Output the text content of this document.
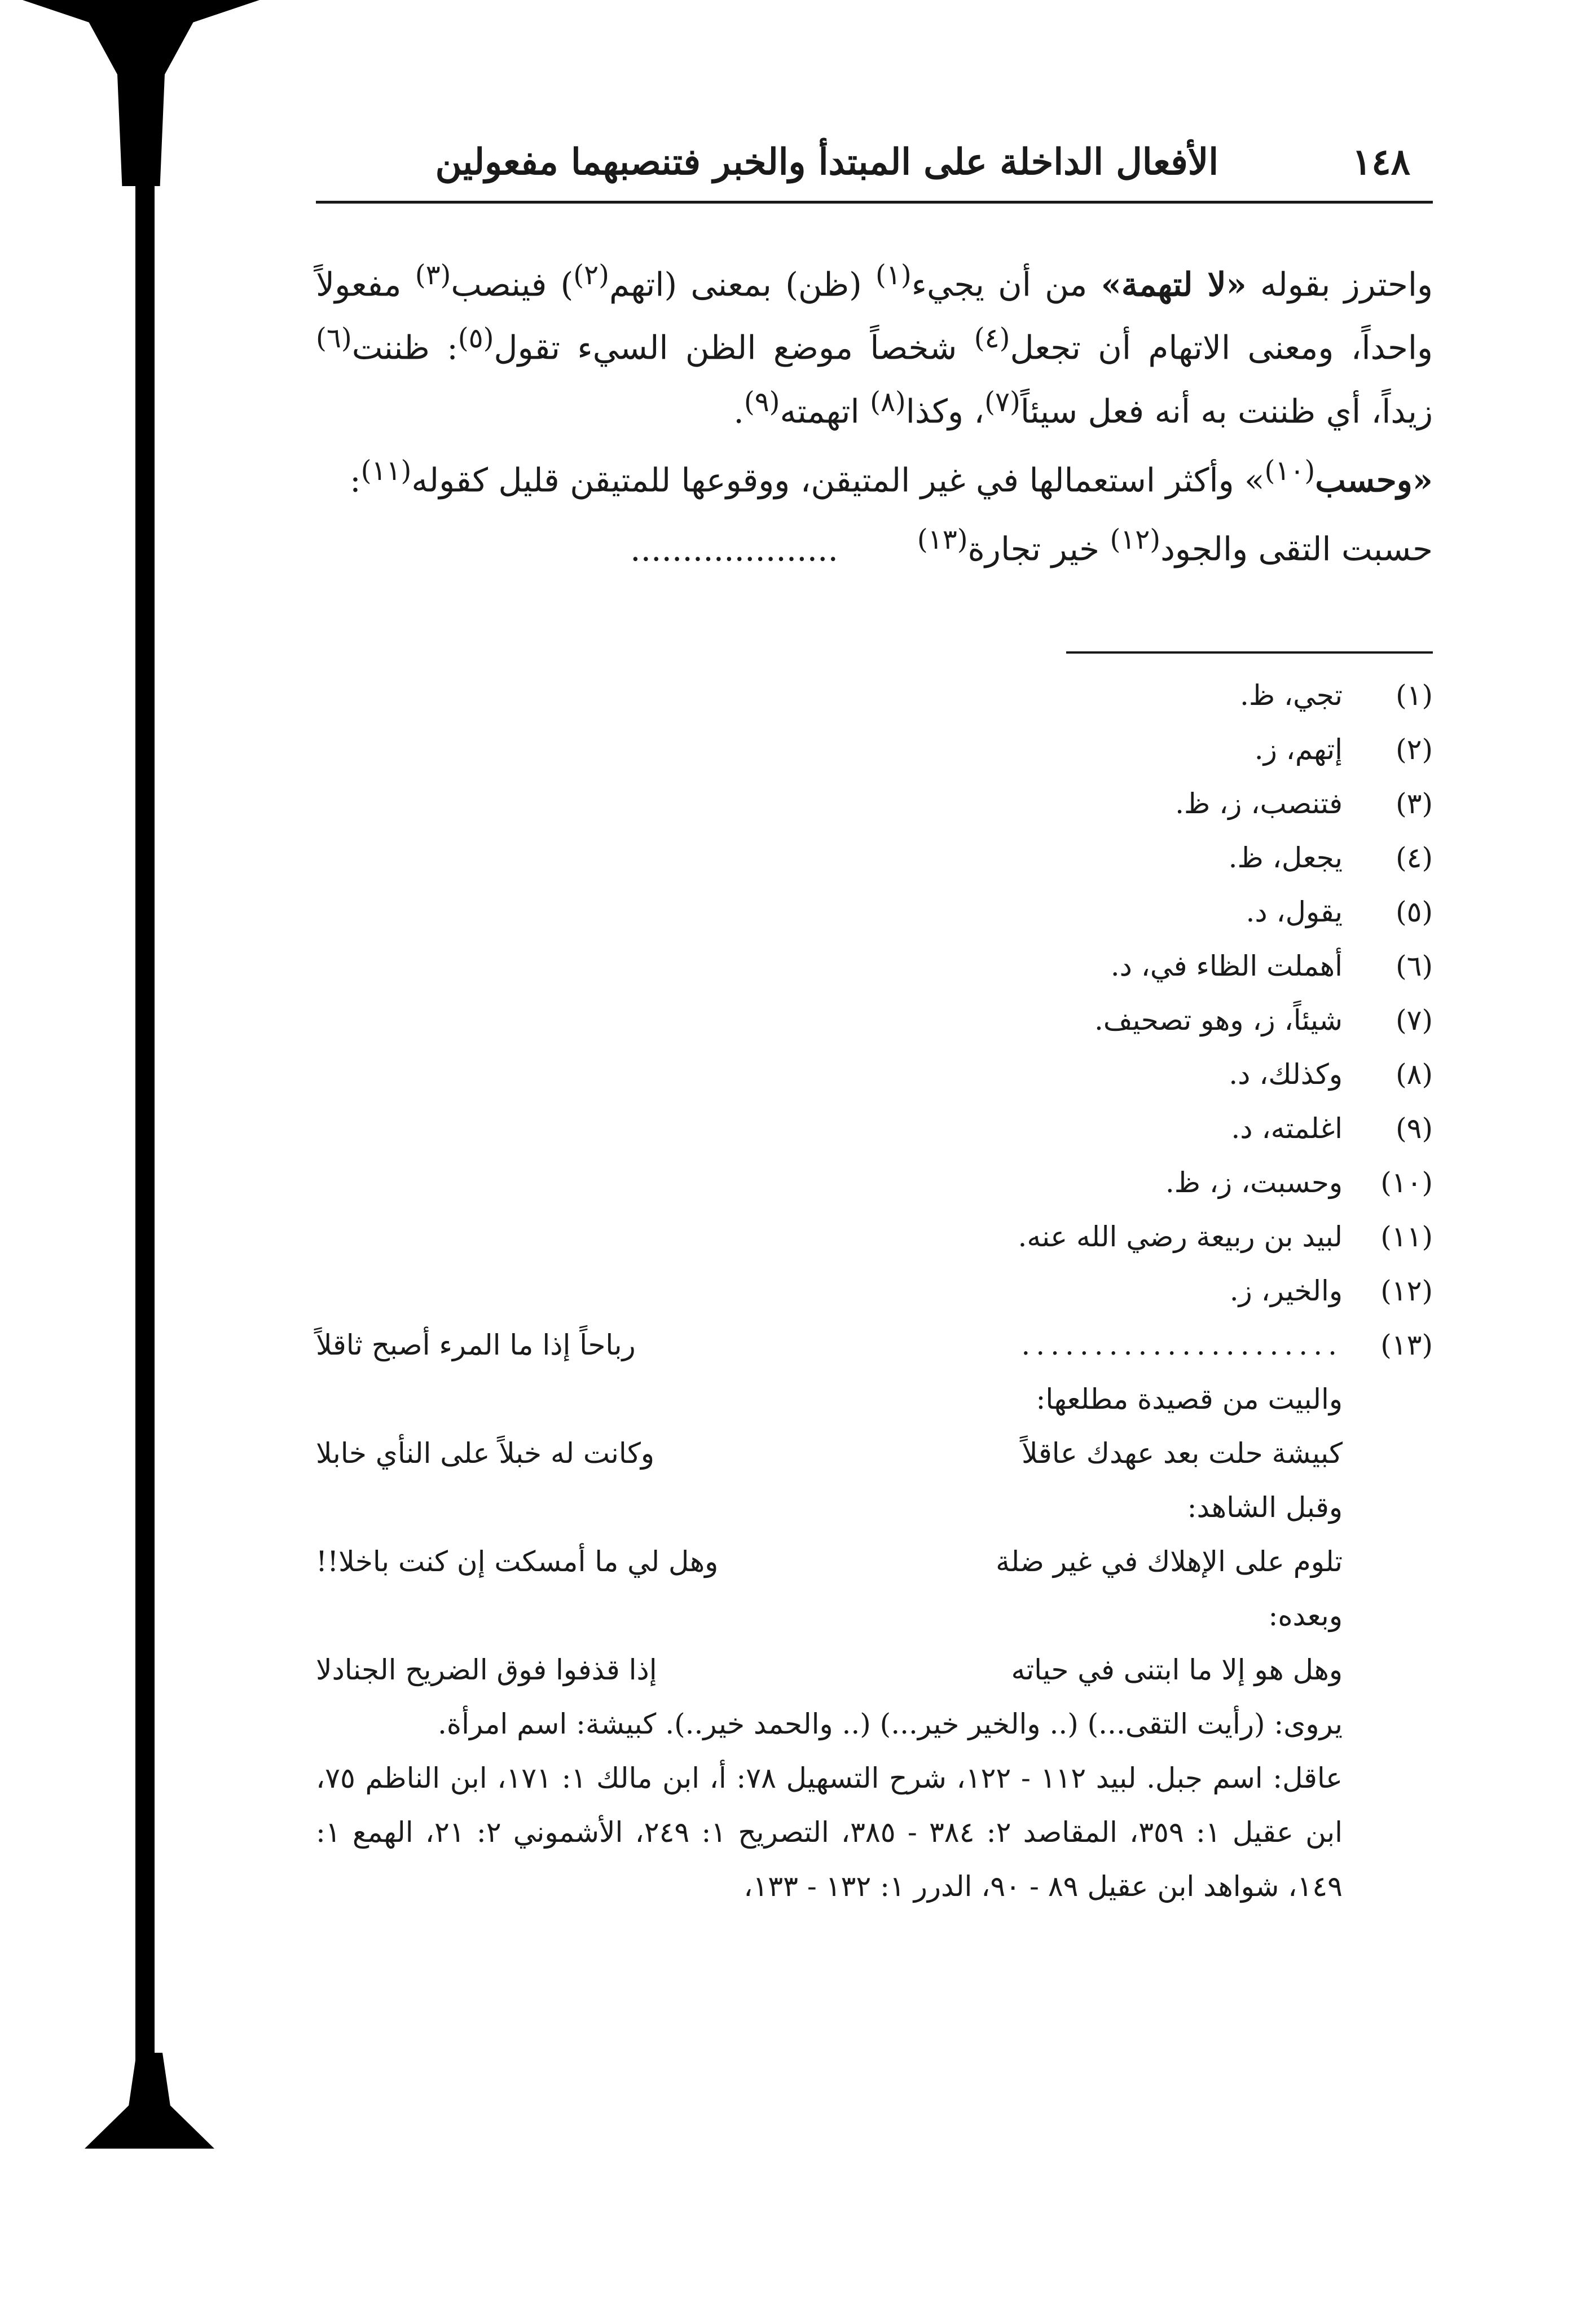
١٤٨
الأفعال الداخلة على المبتدأ والخبر فتنصبهما مفعولين

واحترز بقوله «لا لتهمة» من أن يجيء$^{(١)}$ (ظن) بمعنى (اتهم$^{(٢)}$) فينصب$^{(٣)}$ مفعولاً واحداً، ومعنى الاتهام أن تجعل$^{(٤)}$ شخصاً موضع الظن السيء تقول$^{(٥)}$: ظننت$^{(٦)}$ زيداً، أي ظننت به أنه فعل سيئاً$^{(٧)}$، وكذا$^{(٨)}$ اتهمته$^{(٩)}$.

«وحسب$^{(١٠)}$» وأكثر استعمالها في غير المتيقن، ووقوعها للمتيقن قليل كقوله$^{(١١)}$:

حسبت التقى والجود$^{(١٢)}$ خير تجارة$^{(١٣)}$....................

(١)
تجي، ظ.
(٢)
إتهم، ز.
(٣)
فتنصب، ز، ظ.
(٤)
يجعل، ظ.
(٥)
يقول، د.
(٦)
أهملت الظاء في، د.
(٧)
شيئاً، ز، وهو تصحيف.
(٨)
وكذلك، د.
(٩)
اغلمته، د.
(١٠)
وحسبت، ز، ظ.
(١١)
لبيد بن ربيعة رضي الله عنه.
(١٢)
والخير، ز.
(١٣)
......................
رباحاً إذا ما المرء أصبح ثاقلاً
والبيت من قصيدة مطلعها:
كبيشة حلت بعد عهدك عاقلاً
وكانت له خبلاً على النأي خابلا
وقبل الشاهد:
تلوم على الإهلاك في غير ضلة
وهل لي ما أمسكت إن كنت باخلا!!
وبعده:
وهل هو إلا ما ابتنى في حياته
إذا قذفوا فوق الضريح الجنادلا
يروى: (رأيت التقى...) (.. والخير خير...) (.. والحمد خير..). كبيشة: اسم امرأة.
عاقل: اسم جبل. لبيد ١١٢ - ١٢٢، شرح التسهيل ٧٨: أ، ابن مالك ١: ١٧١، ابن الناظم ٧٥، ابن عقيل ١: ٣٥٩، المقاصد ٢: ٣٨٤ - ٣٨٥، التصريح ١: ٢٤٩، الأشموني ٢: ٢١، الهمع ١: ١٤٩، شواهد ابن عقيل ٨٩ - ٩٠، الدرر ١: ١٣٢ - ١٣٣،
